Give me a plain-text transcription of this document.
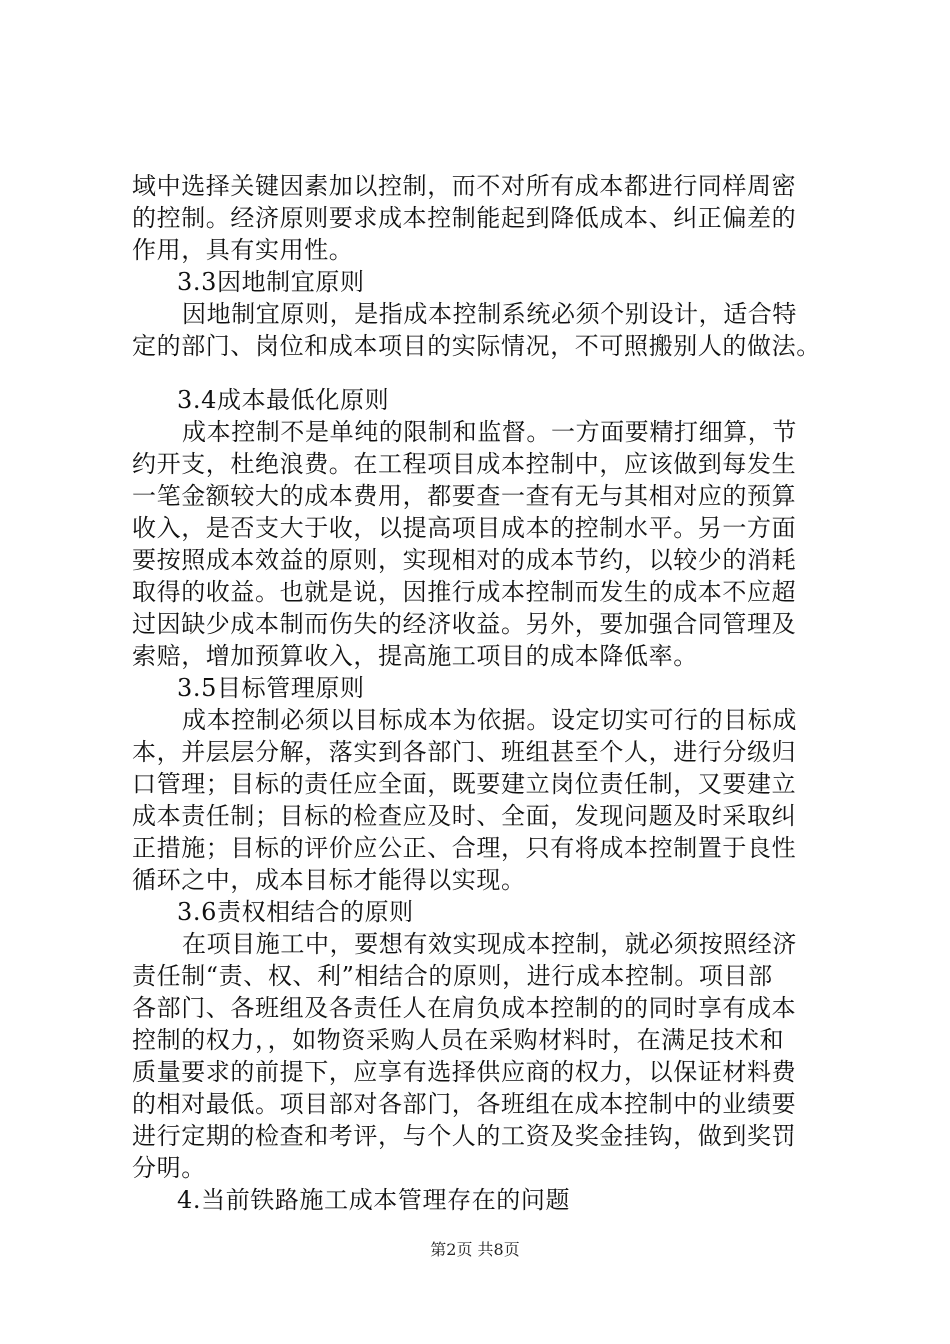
域中选择关键因素加以控制，而不对所有成本都进行同样周密
的控制。经济原则要求成本控制能起到降低成本、纠正偏差的
作用，具有实用性。
3.3因地制宜原则
因地制宜原则，是指成本控制系统必须个别设计，适合特
定的部门、岗位和成本项目的实际情况，不可照搬别人的做法。
3.4成本最低化原则
成本控制不是单纯的限制和监督。一方面要精打细算，节
约开支，杜绝浪费。在工程项目成本控制中，应该做到每发生
一笔金额较大的成本费用，都要查一查有无与其相对应的预算
收入，是否支大于收，以提高项目成本的控制水平。另一方面
要按照成本效益的原则，实现相对的成本节约，以较少的消耗
取得的收益。也就是说，因推行成本控制而发生的成本不应超
过因缺少成本制而伤失的经济收益。另外，要加强合同管理及
索赔，增加预算收入，提高施工项目的成本降低率。
3.5目标管理原则
成本控制必须以目标成本为依据。设定切实可行的目标成
本，并层层分解，落实到各部门、班组甚至个人，进行分级归
口管理；目标的责任应全面，既要建立岗位责任制，又要建立
成本责任制；目标的检查应及时、全面，发现问题及时采取纠
正措施；目标的评价应公正、合理，只有将成本控制置于良性
循环之中，成本目标才能得以实现。
3.6责权相结合的原则
在项目施工中，要想有效实现成本控制，就必须按照经济
责任制“责、权、利”相结合的原则，进行成本控制。项目部
各部门、各班组及各责任人在肩负成本控制的的同时享有成本
控制的权力，，如物资采购人员在采购材料时，在满足技术和
质量要求的前提下，应享有选择供应商的权力，以保证材料费
的相对最低。项目部对各部门，各班组在成本控制中的业绩要
进行定期的检查和考评，与个人的工资及奖金挂钩，做到奖罚
分明。
4.当前铁路施工成本管理存在的问题
第2页 共8页
